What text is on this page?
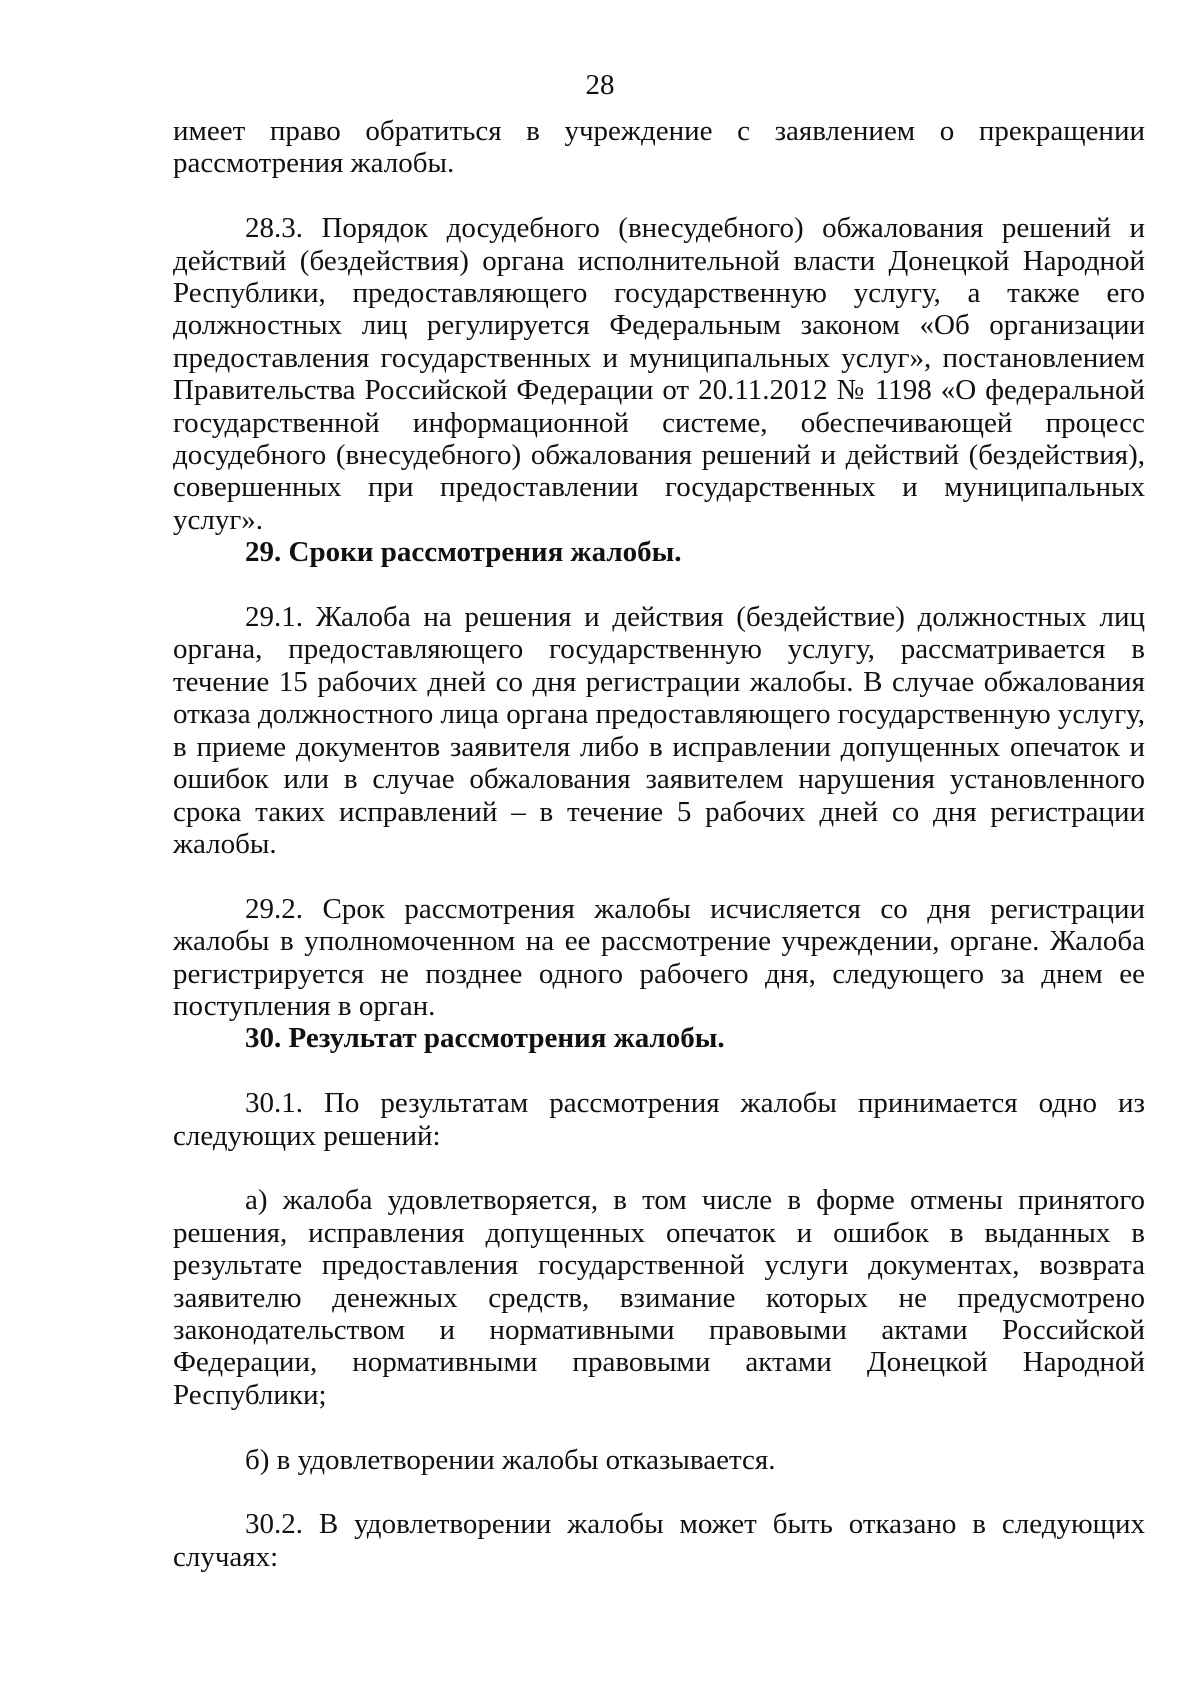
28

имеет право обратиться в учреждение с заявлением о прекращении рассмотрения жалобы.

28.3. Порядок досудебного (внесудебного) обжалования решений и действий (бездействия) органа исполнительной власти Донецкой Народной Республики, предоставляющего государственную услугу, а также его должностных лиц регулируется Федеральным законом «Об организации предоставления государственных и муниципальных услуг», постановлением Правительства Российской Федерации от 20.11.2012 № 1198 «О федеральной государственной информационной системе, обеспечивающей процесс досудебного (внесудебного) обжалования решений и действий (бездействия), совершенных при предоставлении государственных и муниципальных услуг».

29. Сроки рассмотрения жалобы.

29.1. Жалоба на решения и действия (бездействие) должностных лиц органа, предоставляющего государственную услугу, рассматривается в течение 15 рабочих дней со дня регистрации жалобы. В случае обжалования отказа должностного лица органа предоставляющего государственную услугу, в приеме документов заявителя либо в исправлении допущенных опечаток и ошибок или в случае обжалования заявителем нарушения установленного срока таких исправлений – в течение 5 рабочих дней со дня регистрации жалобы.

29.2. Срок рассмотрения жалобы исчисляется со дня регистрации жалобы в уполномоченном на ее рассмотрение учреждении, органе. Жалоба регистрируется не позднее одного рабочего дня, следующего за днем ее поступления в орган.

30. Результат рассмотрения жалобы.

30.1. По результатам рассмотрения жалобы принимается одно из следующих решений:

а) жалоба удовлетворяется, в том числе в форме отмены принятого решения, исправления допущенных опечаток и ошибок в выданных в результате предоставления государственной услуги документах, возврата заявителю денежных средств, взимание которых не предусмотрено законодательством и нормативными правовыми актами Российской Федерации, нормативными правовыми актами Донецкой Народной Республики;

б) в удовлетворении жалобы отказывается.

30.2. В удовлетворении жалобы может быть отказано в следующих случаях:
